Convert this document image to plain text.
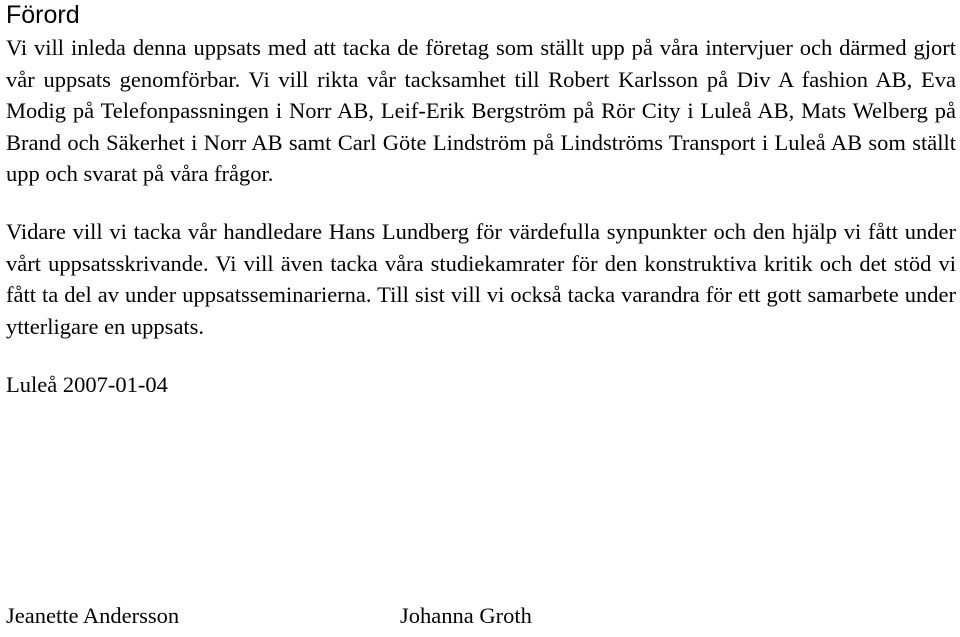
Förord

Vi vill inleda denna uppsats med att tacka de företag som ställt upp på våra intervjuer och därmed gjort vår uppsats genomförbar. Vi vill rikta vår tacksamhet till Robert Karlsson på Div A fashion AB, Eva Modig på Telefonpassningen i Norr AB, Leif-Erik Bergström på Rör City i Luleå AB, Mats Welberg på Brand och Säkerhet i Norr AB samt Carl Göte Lindström på Lindströms Transport i Luleå AB som ställt upp och svarat på våra frågor.

Vidare vill vi tacka vår handledare Hans Lundberg för värdefulla synpunkter och den hjälp vi fått under vårt uppsatsskrivande. Vi vill även tacka våra studiekamrater för den konstruktiva kritik och det stöd vi fått ta del av under uppsatsseminarierna. Till sist vill vi också tacka varandra för ett gott samarbete under ytterligare en uppsats.

Luleå 2007-01-04

Jeanette Andersson	Johanna Groth
